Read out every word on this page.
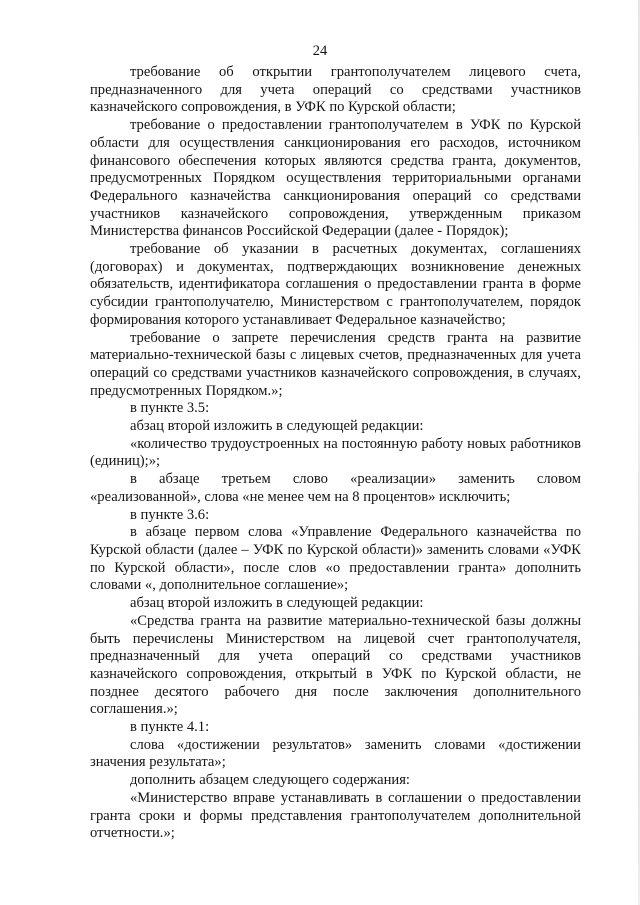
24

требование об открытии грантополучателем лицевого счета, предназначенного для учета операций со средствами участников казначейского сопровождения, в УФК по Курской области;

требование о предоставлении грантополучателем в УФК по Курской области для осуществления санкционирования его расходов, источником финансового обеспечения которых являются средства гранта, документов, предусмотренных Порядком осуществления территориальными органами Федерального казначейства санкционирования операций со средствами участников казначейского сопровождения, утвержденным приказом Министерства финансов Российской Федерации (далее - Порядок);

требование об указании в расчетных документах, соглашениях (договорах) и документах, подтверждающих возникновение денежных обязательств, идентификатора соглашения о предоставлении гранта в форме субсидии грантополучателю, Министерством с грантополучателем, порядок формирования которого устанавливает Федеральное казначейство;

требование о запрете перечисления средств гранта на развитие материально-технической базы с лицевых счетов, предназначенных для учета операций со средствами участников казначейского сопровождения, в случаях, предусмотренных Порядком.»;

в пункте 3.5:

абзац второй изложить в следующей редакции:

«количество трудоустроенных на постоянную работу новых работников (единиц);»;

в абзаце третьем слово «реализации» заменить словом «реализованной», слова «не менее чем на 8 процентов» исключить;

в пункте 3.6:

в абзаце первом слова «Управление Федерального казначейства по Курской области (далее – УФК по Курской области)» заменить словами «УФК по Курской области», после слов «о предоставлении гранта» дополнить словами «, дополнительное соглашение»;

абзац второй изложить в следующей редакции:

«Средства гранта на развитие материально-технической базы должны быть перечислены Министерством на лицевой счет грантополучателя, предназначенный для учета операций со средствами участников казначейского сопровождения, открытый в УФК по Курской области, не позднее десятого рабочего дня после заключения дополнительного соглашения.»;

в пункте 4.1:

слова «достижении результатов» заменить словами «достижении значения результата»;

дополнить абзацем следующего содержания:

«Министерство вправе устанавливать в соглашении о предоставлении гранта сроки и формы представления грантополучателем дополнительной отчетности.»;
